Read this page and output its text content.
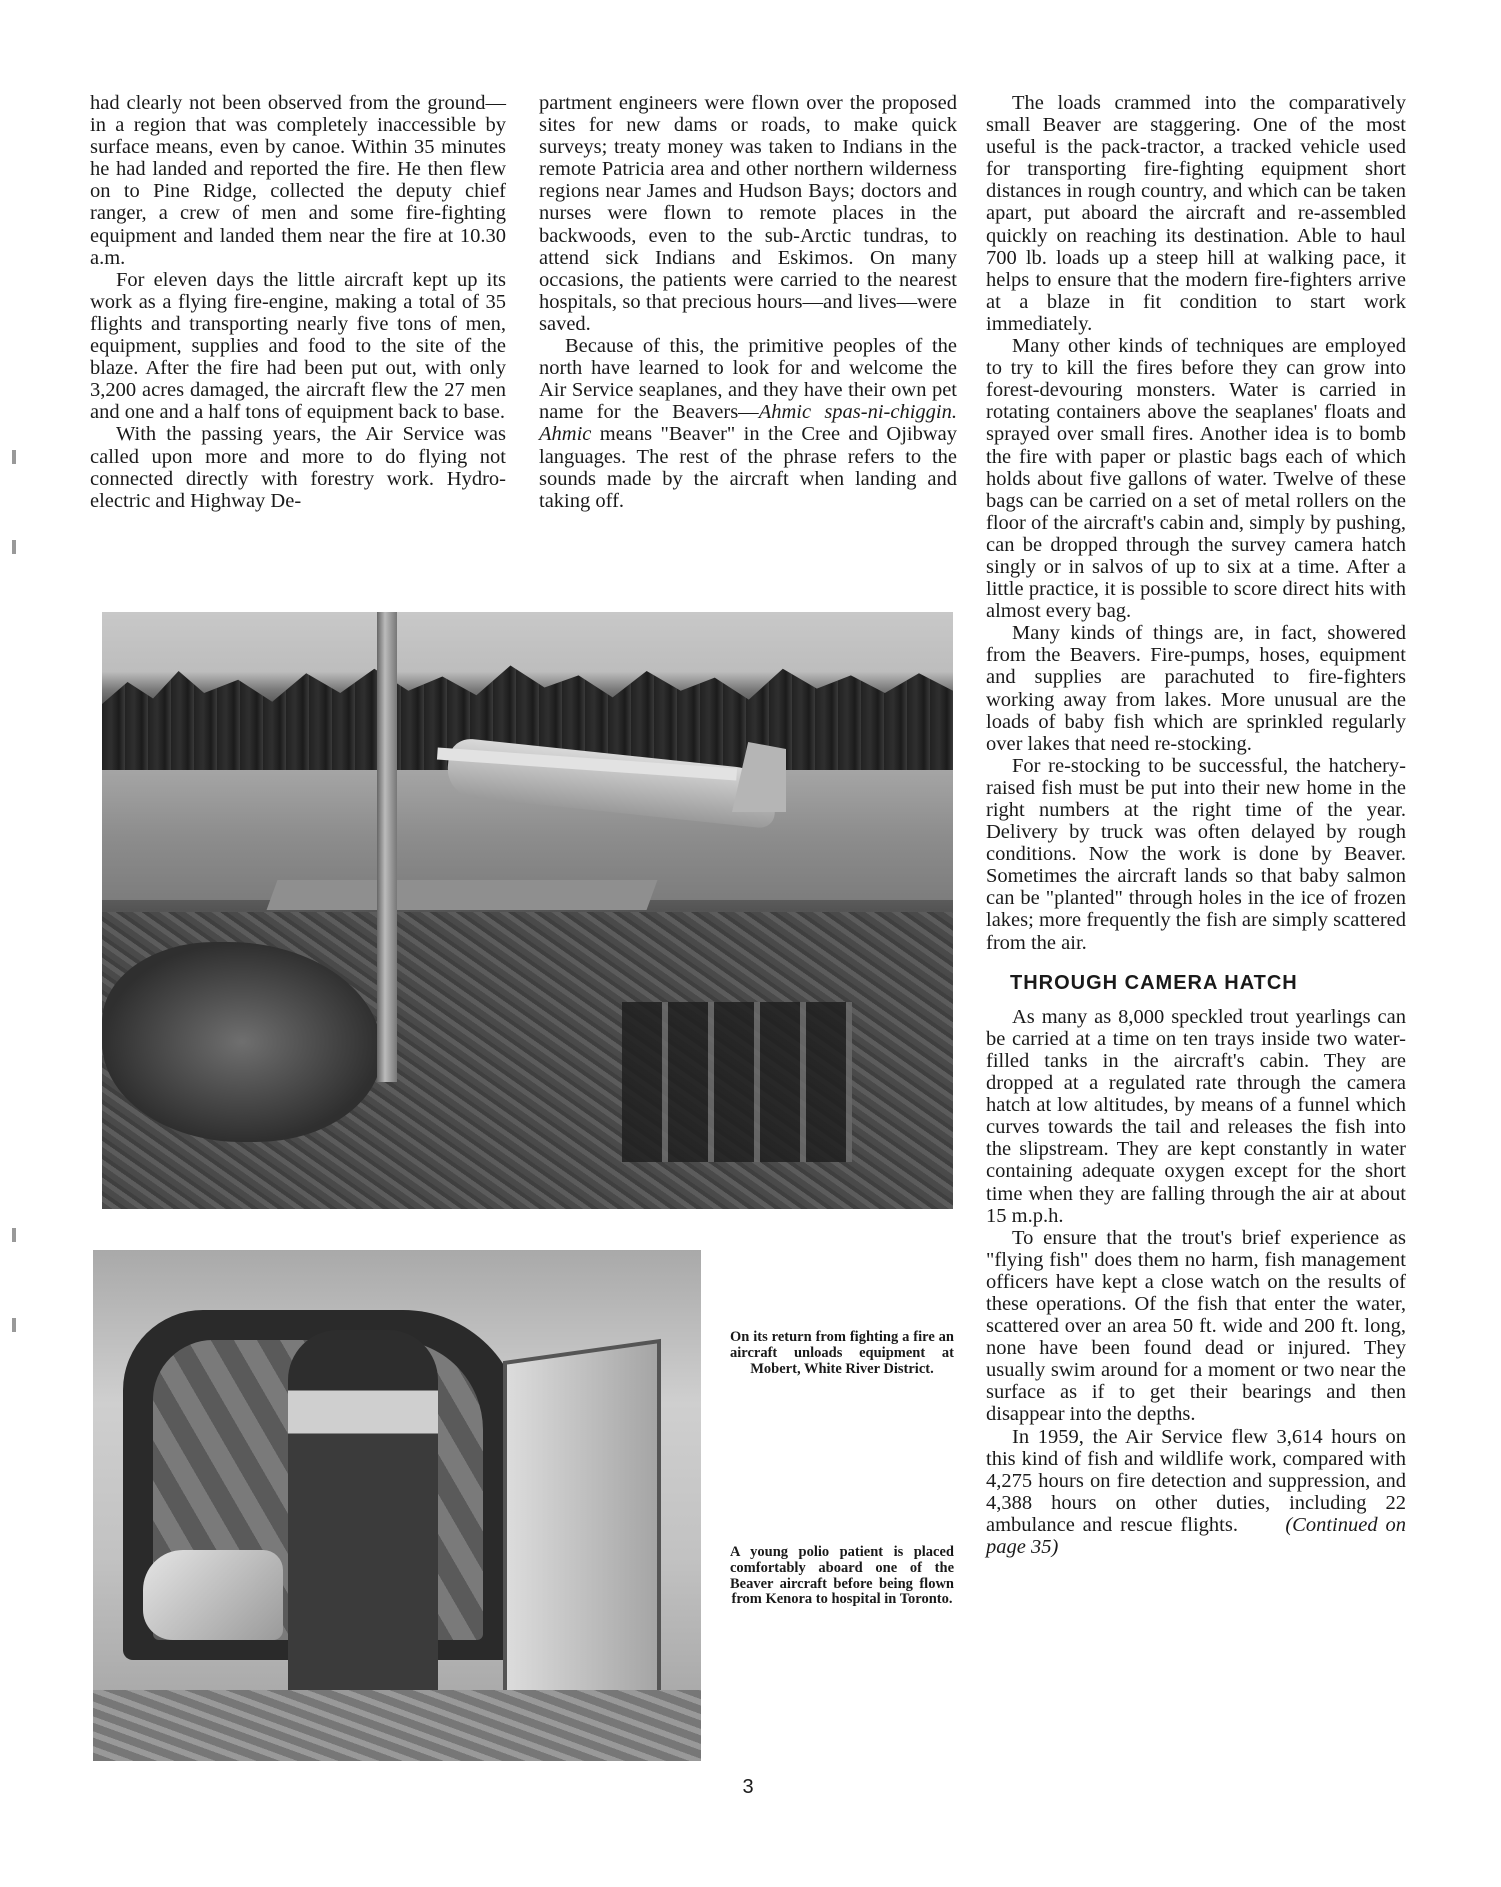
had clearly not been observed from the ground—in a region that was completely inaccessible by surface means, even by canoe. Within 35 minutes he had landed and reported the fire. He then flew on to Pine Ridge, collected the deputy chief ranger, a crew of men and some fire-fighting equipment and landed them near the fire at 10.30 a.m.

For eleven days the little aircraft kept up its work as a flying fire-engine, making a total of 35 flights and transporting nearly five tons of men, equipment, supplies and food to the site of the blaze. After the fire had been put out, with only 3,200 acres damaged, the aircraft flew the 27 men and one and a half tons of equipment back to base.

With the passing years, the Air Service was called upon more and more to do flying not connected directly with forestry work. Hydro-electric and Highway De-

partment engineers were flown over the proposed sites for new dams or roads, to make quick surveys; treaty money was taken to Indians in the remote Patricia area and other northern wilderness regions near James and Hudson Bays; doctors and nurses were flown to remote places in the backwoods, even to the sub-Arctic tundras, to attend sick Indians and Eskimos. On many occasions, the patients were carried to the nearest hospitals, so that precious hours—and lives—were saved.

Because of this, the primitive peoples of the north have learned to look for and welcome the Air Service seaplanes, and they have their own pet name for the Beavers—Ahmic spas-ni-chiggin. Ahmic means "Beaver" in the Cree and Ojibway languages. The rest of the phrase refers to the sounds made by the aircraft when landing and taking off.

The loads crammed into the comparatively small Beaver are staggering. One of the most useful is the pack-tractor, a tracked vehicle used for transporting fire-fighting equipment short distances in rough country, and which can be taken apart, put aboard the aircraft and re-assembled quickly on reaching its destination. Able to haul 700 lb. loads up a steep hill at walking pace, it helps to ensure that the modern fire-fighters arrive at a blaze in fit condition to start work immediately.

Many other kinds of techniques are employed to try to kill the fires before they can grow into forest-devouring monsters. Water is carried in rotating containers above the seaplanes' floats and sprayed over small fires. Another idea is to bomb the fire with paper or plastic bags each of which holds about five gallons of water. Twelve of these bags can be carried on a set of metal rollers on the floor of the aircraft's cabin and, simply by pushing, can be dropped through the survey camera hatch singly or in salvos of up to six at a time. After a little practice, it is possible to score direct hits with almost every bag.

Many kinds of things are, in fact, showered from the Beavers. Fire-pumps, hoses, equipment and supplies are parachuted to fire-fighters working away from lakes. More unusual are the loads of baby fish which are sprinkled regularly over lakes that need re-stocking.

For re-stocking to be successful, the hatchery-raised fish must be put into their new home in the right numbers at the right time of the year. Delivery by truck was often delayed by rough conditions. Now the work is done by Beaver. Sometimes the aircraft lands so that baby salmon can be "planted" through holes in the ice of frozen lakes; more frequently the fish are simply scattered from the air.

THROUGH CAMERA HATCH

As many as 8,000 speckled trout yearlings can be carried at a time on ten trays inside two water-filled tanks in the aircraft's cabin. They are dropped at a regulated rate through the camera hatch at low altitudes, by means of a funnel which curves towards the tail and releases the fish into the slipstream. They are kept constantly in water containing adequate oxygen except for the short time when they are falling through the air at about 15 m.p.h.

To ensure that the trout's brief experience as "flying fish" does them no harm, fish management officers have kept a close watch on the results of these operations. Of the fish that enter the water, scattered over an area 50 ft. wide and 200 ft. long, none have been found dead or injured. They usually swim around for a moment or two near the surface as if to get their bearings and then disappear into the depths.

In 1959, the Air Service flew 3,614 hours on this kind of fish and wildlife work, compared with 4,275 hours on fire detection and suppression, and 4,388 hours on other duties, including 22 ambulance and rescue flights. (Continued on page 35)

On its return from fighting a fire an aircraft unloads equipment at Mobert, White River District.

A young polio patient is placed comfortably aboard one of the Beaver aircraft before being flown from Kenora to hospital in Toronto.

3
